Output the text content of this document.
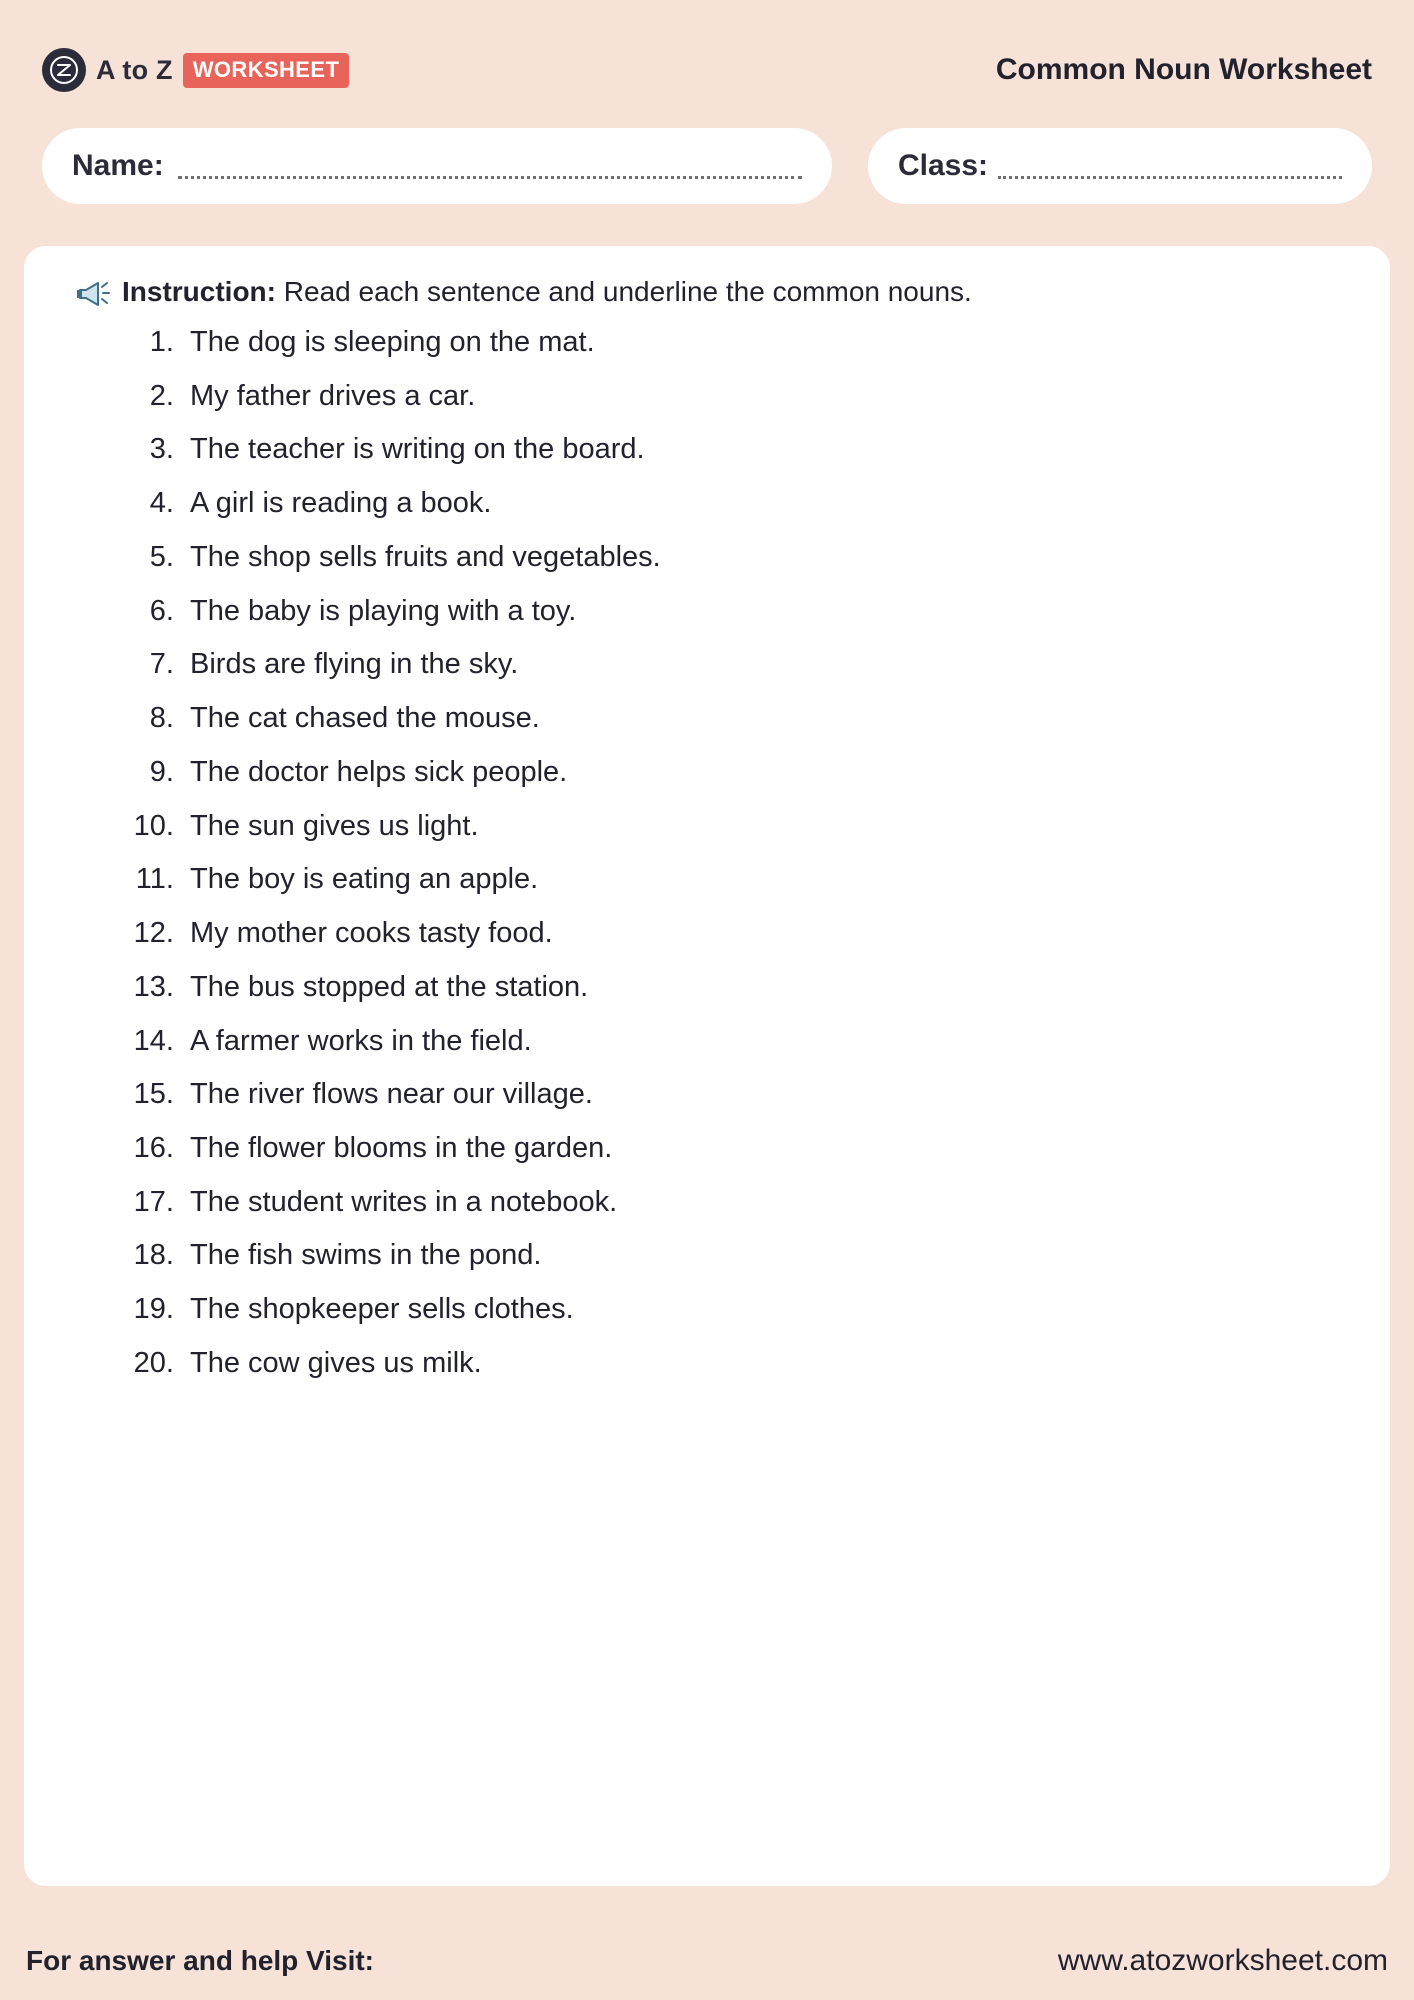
A to Z WORKSHEET	Common Noun Worksheet
Name:	Class:
Instruction: Read each sentence and underline the common nouns.
1. The dog is sleeping on the mat.
2. My father drives a car.
3. The teacher is writing on the board.
4. A girl is reading a book.
5. The shop sells fruits and vegetables.
6. The baby is playing with a toy.
7. Birds are flying in the sky.
8. The cat chased the mouse.
9. The doctor helps sick people.
10. The sun gives us light.
11. The boy is eating an apple.
12. My mother cooks tasty food.
13. The bus stopped at the station.
14. A farmer works in the field.
15. The river flows near our village.
16. The flower blooms in the garden.
17. The student writes in a notebook.
18. The fish swims in the pond.
19. The shopkeeper sells clothes.
20. The cow gives us milk.
For answer and help Visit:	www.atozworksheet.com
